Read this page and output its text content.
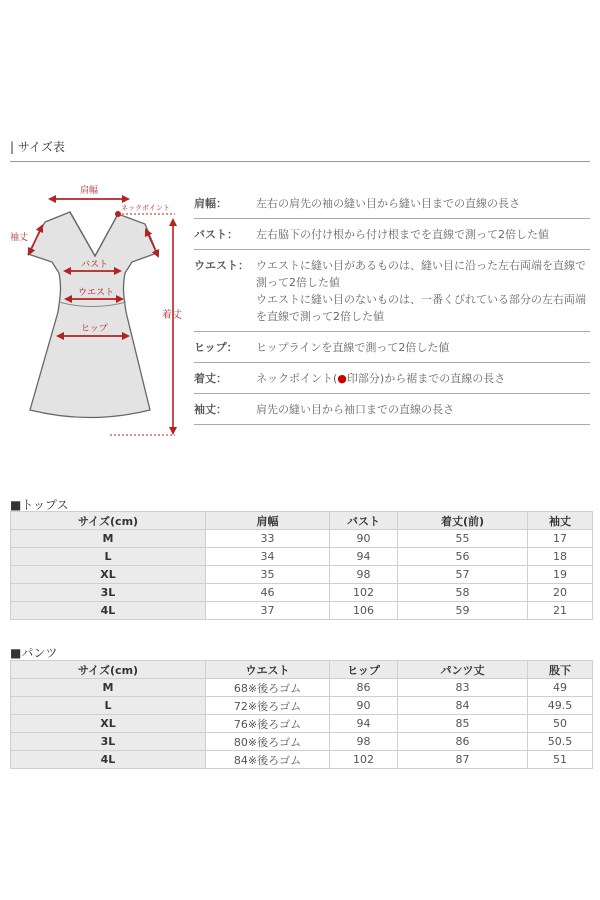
| サイズ表
肩幅
ネックポイント
着丈
袖丈
バスト
ウエスト
ヒップ
肩幅：	左右の肩先の袖の縫い目から縫い目までの直線の長さ
バスト：	左右脇下の付け根から付け根までを直線で測って2倍した値
ウエスト： ウエストに縫い目があるものは、縫い目に沿った左右両端を直線で
測って2倍した値
ウエストに縫い目のないものは、一番くびれている部分の左右両端
を直線で測って2倍した値
ヒップ：	ヒップラインを直線で測って2倍した値
着丈：	ネックポイント(●印部分)から裾までの直線の長さ
袖丈：	肩先の縫い目から袖口までの直線の長さ
■トップス
サイズ(cm)	肩幅	バスト	着丈(前)	袖丈
M	33	90	55	17
L	34	94	56	18
XL	35	98	57	19
3L	46	102	58	20
4L	37	106	59	21
■パンツ
サイズ(cm)	ウエスト	ヒップ	パンツ丈	股下
M	68※後ろゴム	86	83	49
L	72※後ろゴム	90	84	49.5
XL	76※後ろゴム	94	85	50
3L	80※後ろゴム	98	86	50.5
4L	84※後ろゴム	102	87	51
